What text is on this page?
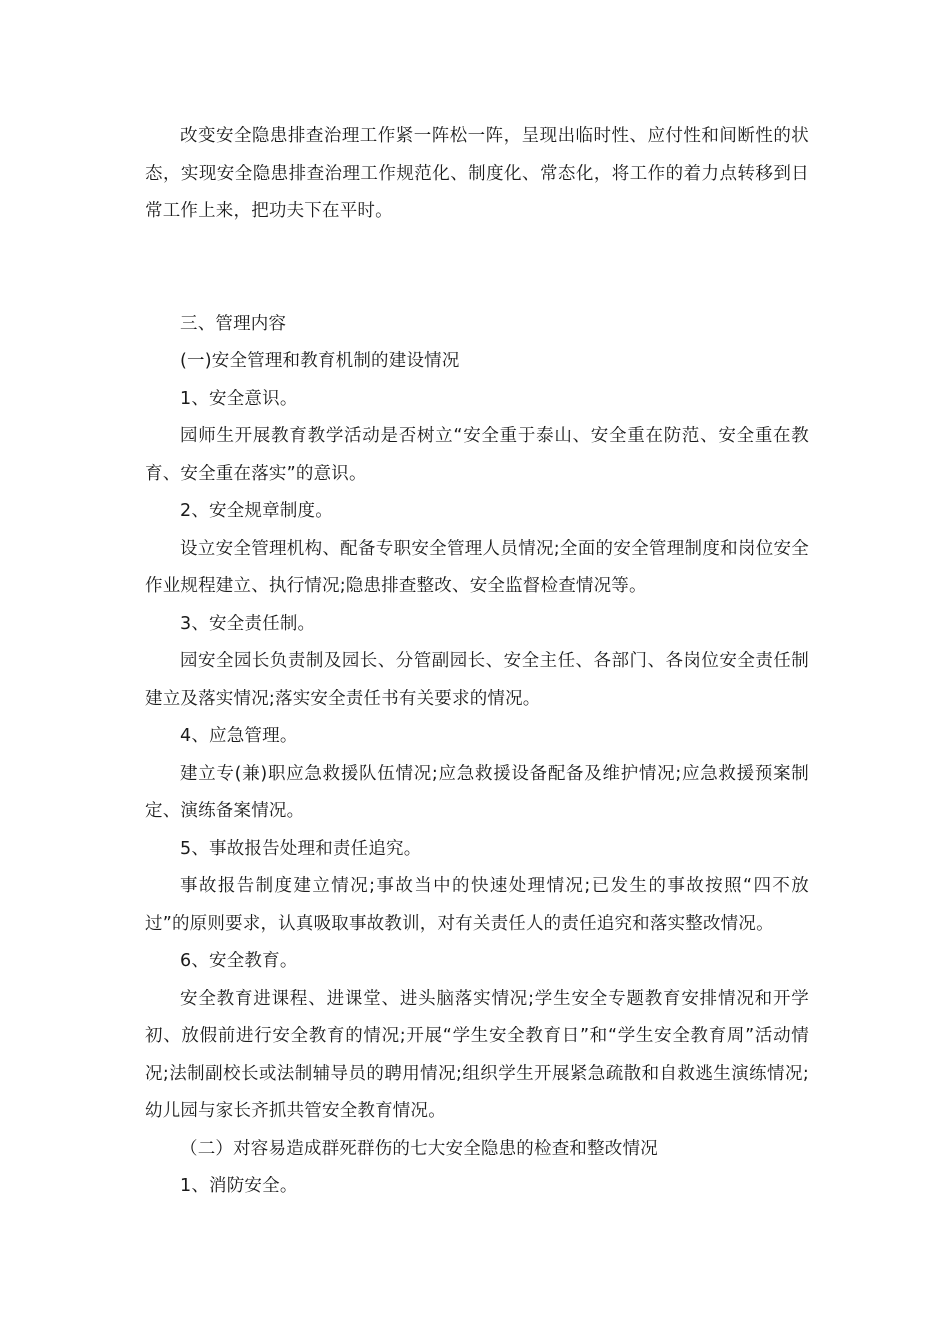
改变安全隐患排查治理工作紧一阵松一阵，呈现出临时性、应付性和间断性的状态，实现安全隐患排查治理工作规范化、制度化、常态化，将工作的着力点转移到日常工作上来，把功夫下在平时。

三、管理内容

(一)安全管理和教育机制的建设情况

1、安全意识。

园师生开展教育教学活动是否树立“安全重于泰山、安全重在防范、安全重在教育、安全重在落实”的意识。

2、安全规章制度。

设立安全管理机构、配备专职安全管理人员情况;全面的安全管理制度和岗位安全作业规程建立、执行情况;隐患排查整改、安全监督检查情况等。

3、安全责任制。

园安全园长负责制及园长、分管副园长、安全主任、各部门、各岗位安全责任制建立及落实情况;落实安全责任书有关要求的情况。

4、应急管理。

建立专(兼)职应急救援队伍情况;应急救援设备配备及维护情况;应急救援预案制定、演练备案情况。

5、事故报告处理和责任追究。

事故报告制度建立情况;事故当中的快速处理情况;已发生的事故按照“四不放过”的原则要求，认真吸取事故教训，对有关责任人的责任追究和落实整改情况。

6、安全教育。

安全教育进课程、进课堂、进头脑落实情况;学生安全专题教育安排情况和开学初、放假前进行安全教育的情况;开展“学生安全教育日”和“学生安全教育周”活动情况;法制副校长或法制辅导员的聘用情况;组织学生开展紧急疏散和自救逃生演练情况;幼儿园与家长齐抓共管安全教育情况。

（二）对容易造成群死群伤的七大安全隐患的检查和整改情况

1、消防安全。
